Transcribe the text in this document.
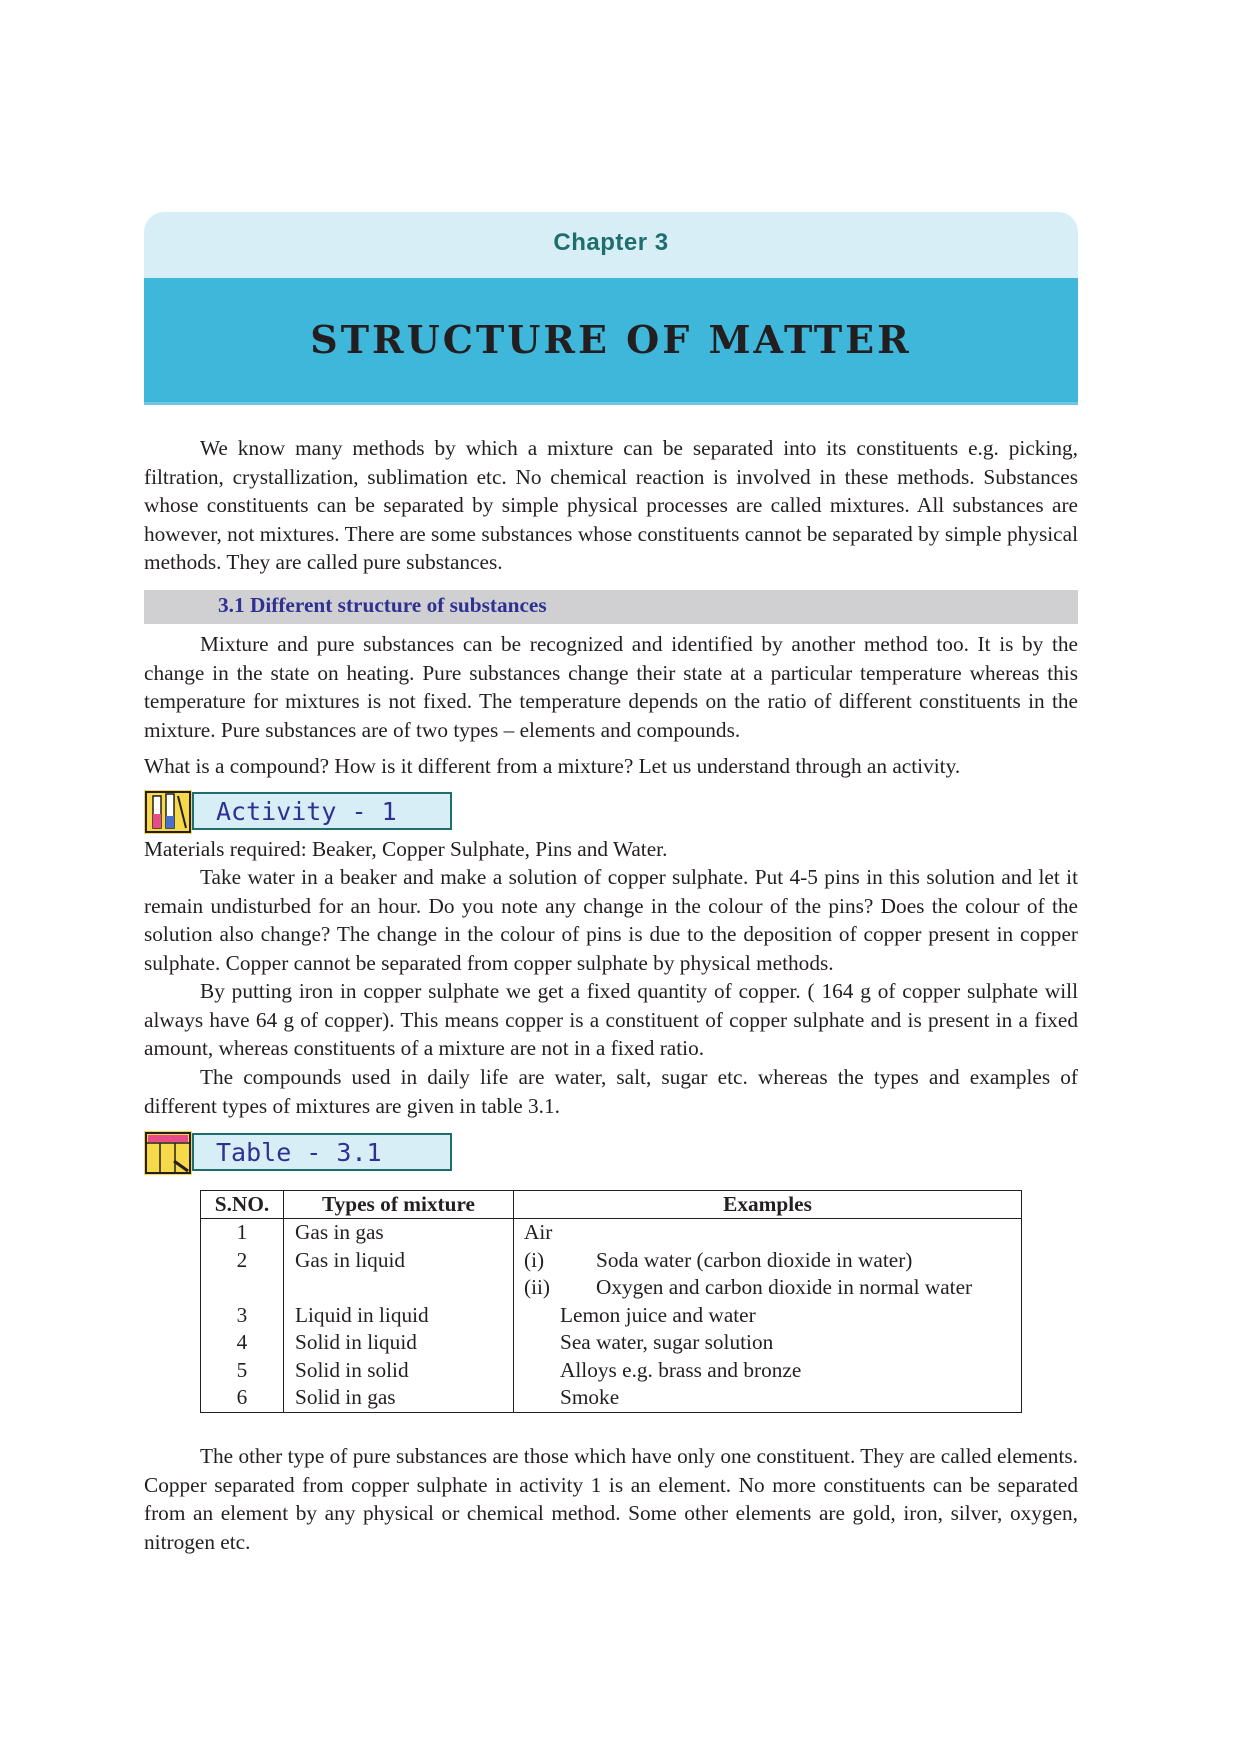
Chapter 3
STRUCTURE OF MATTER

We know many methods by which a mixture can be separated into its constituents e.g. picking, filtration, crystallization, sublimation etc. No chemical reaction is involved in these methods. Substances whose constituents can be separated by simple physical processes are called mixtures. All substances are however, not mixtures. There are some substances whose constituents cannot be separated by simple physical methods. They are called pure substances.

3.1 Different structure of substances

Mixture and pure substances can be recognized and identified by another method too. It is by the change in the state on heating. Pure substances change their state at a particular temperature whereas this temperature for mixtures is not fixed. The temperature depends on the ratio of different constituents in the mixture. Pure substances are of two types – elements and compounds.

What is a compound? How is it different from a mixture? Let us understand through an activity.

Activity - 1

Materials required: Beaker, Copper Sulphate, Pins and Water.

Take water in a beaker and make a solution of copper sulphate. Put 4-5 pins in this solution and let it remain undisturbed for an hour. Do you note any change in the colour of the pins? Does the colour of the solution also change? The change in the colour of pins is due to the deposition of copper present in copper sulphate. Copper cannot be separated from copper sulphate by physical methods.

By putting iron in copper sulphate we get a fixed quantity of copper. ( 164 g of copper sulphate will always have 64 g of copper). This means copper is a constituent of copper sulphate and is present in a fixed amount, whereas constituents of a mixture are not in a fixed ratio.

The compounds used in daily life are water, salt, sugar etc. whereas the types and examples of different types of mixtures are given in table 3.1.

Table - 3.1
S.NO.	Types of mixture	Examples
1	Gas in gas	Air
2	Gas in liquid	(i) Soda water (carbon dioxide in water)
(ii) Oxygen and carbon dioxide in normal water

3	Liquid in liquid	Lemon juice and water

4	Solid in liquid	Sea water, sugar solution

5	Solid in solid	Alloys e.g. brass and bronze

6	Solid in gas	Smoke

The other type of pure substances are those which have only one constituent. They are called elements. Copper separated from copper sulphate in activity 1 is an element. No more constituents can be separated from an element by any physical or chemical method. Some other elements are gold, iron, silver, oxygen, nitrogen etc.
